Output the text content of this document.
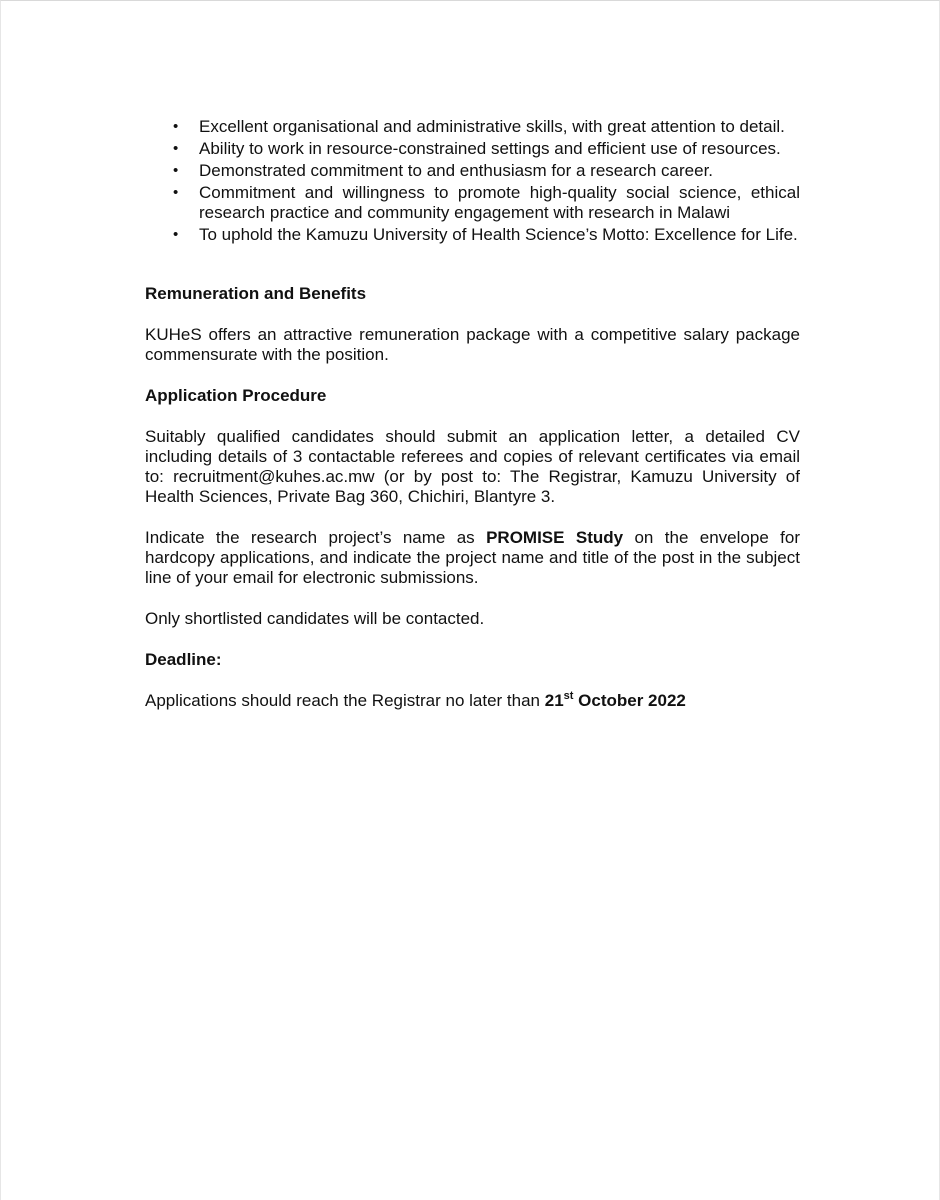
• Excellent organisational and administrative skills, with great attention to detail.
• Ability to work in resource-constrained settings and efficient use of resources.
• Demonstrated commitment to and enthusiasm for a research career.
• Commitment and willingness to promote high-quality social science, ethical research practice and community engagement with research in Malawi
• To uphold the Kamuzu University of Health Science’s Motto: Excellence for Life.

Remuneration and Benefits

KUHeS offers an attractive remuneration package with a competitive salary package commensurate with the position.

Application Procedure

Suitably qualified candidates should submit an application letter, a detailed CV including details of 3 contactable referees and copies of relevant certificates via email to: recruitment@kuhes.ac.mw (or by post to: The Registrar, Kamuzu University of Health Sciences, Private Bag 360, Chichiri, Blantyre 3.

Indicate the research project’s name as PROMISE Study on the envelope for hardcopy applications, and indicate the project name and title of the post in the subject line of your email for electronic submissions.

Only shortlisted candidates will be contacted.

Deadline:

Applications should reach the Registrar no later than 21st October 2022
